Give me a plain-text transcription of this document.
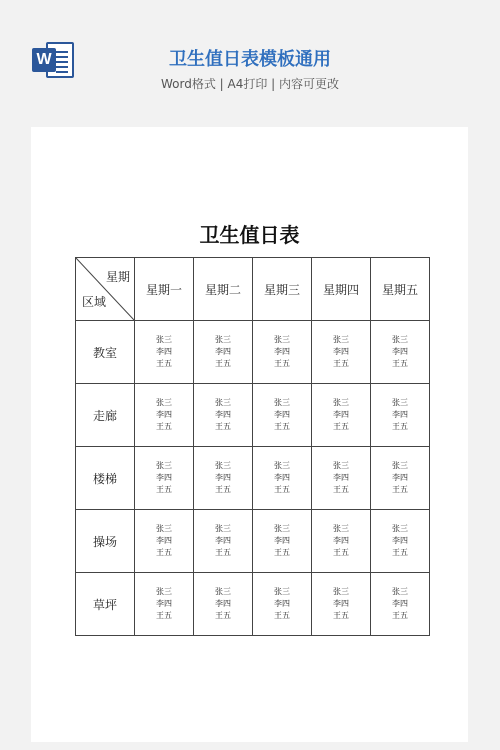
W	卫生值日表模板通用
Word格式 | A4打印 | 内容可更改
卫生值日表
星期
区域	星期一	星期二	星期三	星期四	星期五
教室	张三
李四
王五	张三
李四
王五	张三
李四
王五	张三
李四
王五	张三
李四
王五

走廊	张三
李四
王五	张三
李四
王五	张三
李四
王五	张三
李四
王五	张三
李四
王五

楼梯	张三
李四
王五	张三
李四
王五	张三
李四
王五	张三
李四
王五	张三
李四
王五

操场	张三
李四
王五	张三
李四
王五	张三
李四
王五	张三
李四
王五	张三
李四
王五

草坪	张三
李四
王五	张三
李四
王五	张三
李四
王五	张三
李四
王五	张三
李四
王五
